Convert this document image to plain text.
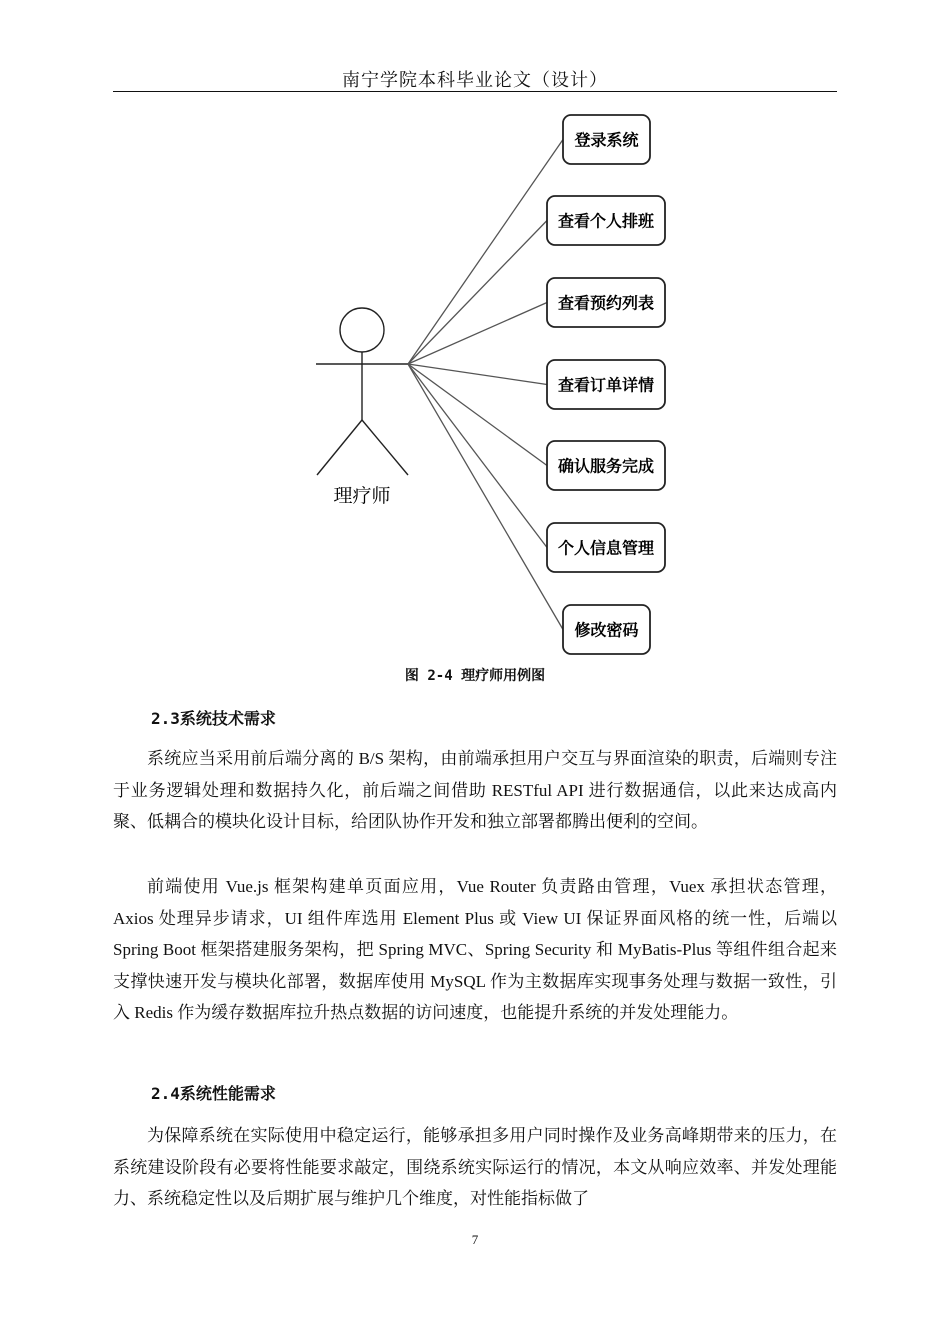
南宁学院本科毕业论文（设计）
理疗师
登录系统
查看个人排班
查看预约列表
查看订单详情
确认服务完成
个人信息管理
修改密码
图 2-4 理疗师用例图
2.3系统技术需求

系统应当采用前后端分离的 B/S 架构，由前端承担用户交互与界面渲染的职责，后端则专注于业务逻辑处理和数据持久化，前后端之间借助 RESTful API 进行数据通信，以此来达成高内聚、低耦合的模块化设计目标，给团队协作开发和独立部署都腾出便利的空间。

前端使用 Vue.js 框架构建单页面应用，Vue Router 负责路由管理，Vuex 承担状态管理，Axios 处理异步请求，UI 组件库选用 Element Plus 或 View UI 保证界面风格的统一性，后端以 Spring Boot 框架搭建服务架构，把 Spring MVC、Spring Security 和 MyBatis-Plus 等组件组合起来支撑快速开发与模块化部署，数据库使用 MySQL 作为主数据库实现事务处理与数据一致性，引入 Redis 作为缓存数据库拉升热点数据的访问速度，也能提升系统的并发处理能力。

2.4系统性能需求

为保障系统在实际使用中稳定运行，能够承担多用户同时操作及业务高峰期带来的压力，在系统建设阶段有必要将性能要求敲定，围绕系统实际运行的情况，本文从响应效率、并发处理能力、系统稳定性以及后期扩展与维护几个维度，对性能指标做了

7
